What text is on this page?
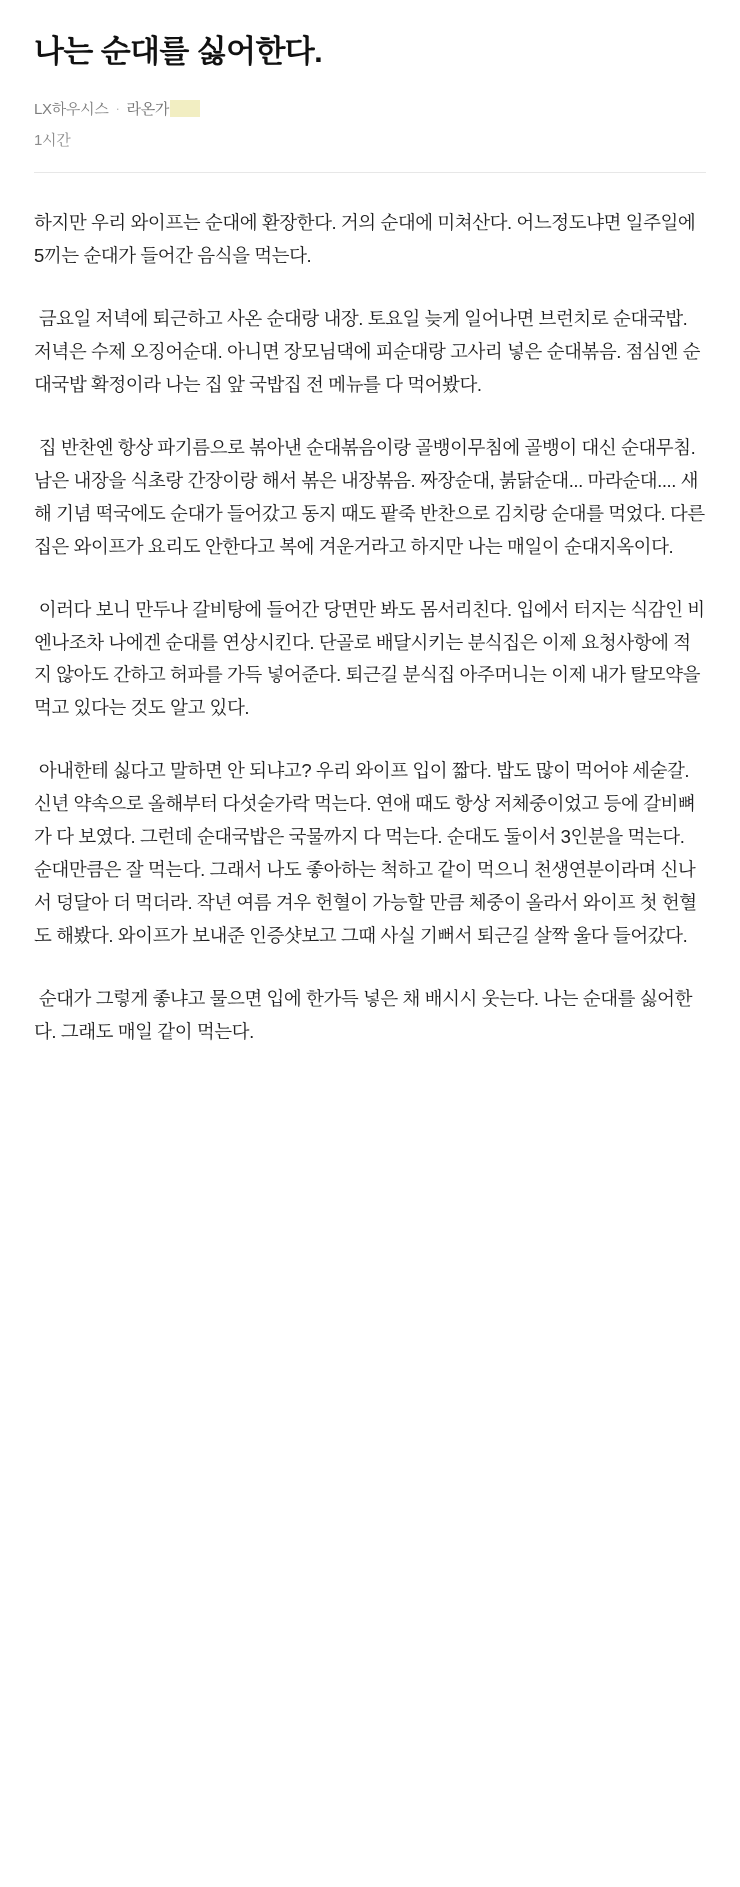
나는 순대를 싫어한다.
LX하우시스 · 라온가
1시간

하지만 우리 와이프는 순대에 환장한다. 거의 순대에 미쳐산다. 어느정도냐면 일주일에 5끼는 순대가 들어간 음식을 먹는다.

금요일 저녁에 퇴근하고 사온 순대랑 내장. 토요일 늦게 일어나면 브런치로 순대국밥. 저녁은 수제 오징어순대. 아니면 장모님댁에 피순대랑 고사리 넣은 순대볶음. 점심엔 순대국밥 확정이라 나는 집 앞 국밥집 전 메뉴를 다 먹어봤다.

집 반찬엔 항상 파기름으로 볶아낸 순대볶음이랑 골뱅이무침에 골뱅이 대신 순대무침. 남은 내장을 식초랑 간장이랑 해서 볶은 내장볶음. 짜장순대, 붉닭순대... 마라순대.... 새해 기념 떡국에도 순대가 들어갔고 동지 때도 팥죽 반찬으로 김치랑 순대를 먹었다. 다른 집은 와이프가 요리도 안한다고 복에 겨운거라고 하지만 나는 매일이 순대지옥이다.

이러다 보니 만두나 갈비탕에 들어간 당면만 봐도 몸서리친다. 입에서 터지는 식감인 비엔나조차 나에겐 순대를 연상시킨다. 단골로 배달시키는 분식집은 이제 요청사항에 적지 않아도 간하고 허파를 가득 넣어준다. 퇴근길 분식집 아주머니는 이제 내가 탈모약을 먹고 있다는 것도 알고 있다.

아내한테 싫다고 말하면 안 되냐고? 우리 와이프 입이 짧다. 밥도 많이 먹어야 세숟갈. 신년 약속으로 올해부터 다섯숟가락 먹는다. 연애 때도 항상 저체중이었고 등에 갈비뼈가 다 보였다. 그런데 순대국밥은 국물까지 다 먹는다. 순대도 둘이서 3인분을 먹는다. 순대만큼은 잘 먹는다. 그래서 나도 좋아하는 척하고 같이 먹으니 천생연분이라며 신나서 덩달아 더 먹더라. 작년 여름 겨우 헌혈이 가능할 만큼 체중이 올라서 와이프 첫 헌혈도 해봤다. 와이프가 보내준 인증샷보고 그때 사실 기뻐서 퇴근길 살짝 울다 들어갔다.

순대가 그렇게 좋냐고 물으면 입에 한가득 넣은 채 배시시 웃는다. 나는 순대를 싫어한다. 그래도 매일 같이 먹는다.
